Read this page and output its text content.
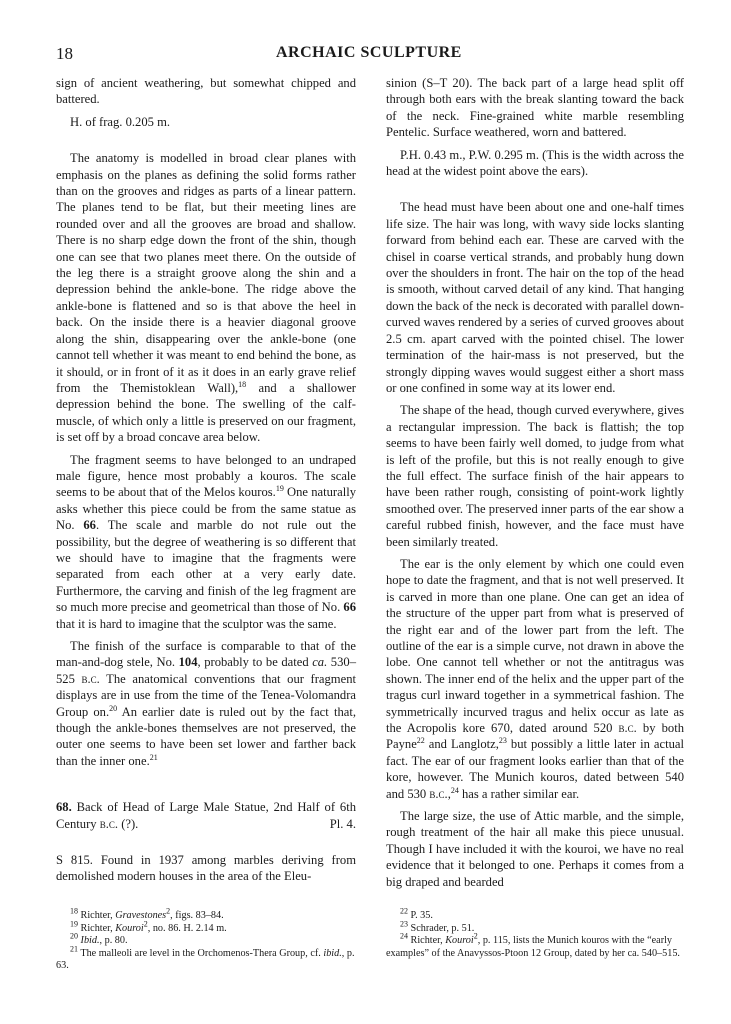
18	ARCHAIC SCULPTURE

sign of ancient weathering, but somewhat chipped and battered.

H. of frag. 0.205 m.

The anatomy is modelled in broad clear planes with emphasis on the planes as defining the solid forms rather than on the grooves and ridges as parts of a linear pattern. The planes tend to be flat, but their meeting lines are rounded over and all the grooves are broad and shallow. There is no sharp edge down the front of the shin, though one can see that two planes meet there. On the outside of the leg there is a straight groove along the shin and a depression behind the ankle-bone. The ridge above the ankle-bone is flattened and so is that above the heel in back. On the inside there is a heavier diagonal groove along the shin, disappearing over the ankle-bone (one cannot tell whether it was meant to end behind the bone, as it should, or in front of it as it does in an early grave relief from the Themistoklean Wall),$^{18}$ and a shallower depression behind the bone. The swelling of the calf-muscle, of which only a little is preserved on our fragment, is set off by a broad concave area below.

The fragment seems to have belonged to an undraped male figure, hence most probably a kouros. The scale seems to be about that of the Melos kouros.$^{19}$ One naturally asks whether this piece could be from the same statue as No. 66. The scale and marble do not rule out the possibility, but the degree of weathering is so different that we should have to imagine that the fragments were separated from each other at a very early date. Furthermore, the carving and finish of the leg fragment are so much more precise and geometrical than those of No. 66 that it is hard to imagine that the sculptor was the same.

The finish of the surface is comparable to that of the man-and-dog stele, No. 104, probably to be dated ca. 530–525 b.c. The anatomical conventions that our fragment displays are in use from the time of the Tenea-Volomandra Group on.$^{20}$ An earlier date is ruled out by the fact that, though the ankle-bones themselves are not preserved, the outer one seems to have been set lower and farther back than the inner one.$^{21}$

68. Back of Head of Large Male Statue, 2nd Half of 6th Century b.c. (?).	Pl. 4.

S 815. Found in 1937 among marbles deriving from demolished modern houses in the area of the Eleu-

sinion (S–T 20). The back part of a large head split off through both ears with the break slanting toward the back of the neck. Fine-grained white marble resembling Pentelic. Surface weathered, worn and battered.

P.H. 0.43 m., P.W. 0.295 m. (This is the width across the head at the widest point above the ears).

The head must have been about one and one-half times life size. The hair was long, with wavy side locks slanting forward from behind each ear. These are carved with the chisel in coarse vertical strands, and probably hung down over the shoulders in front. The hair on the top of the head is smooth, without carved detail of any kind. That hanging down the back of the neck is decorated with parallel down-curved waves rendered by a series of curved grooves about 2.5 cm. apart carved with the pointed chisel. The lower termination of the hair-mass is not preserved, but the strongly dipping waves would suggest either a short mass or one confined in some way at its lower end.

The shape of the head, though curved everywhere, gives a rectangular impression. The back is flattish; the top seems to have been fairly well domed, to judge from what is left of the profile, but this is not really enough to give the full effect. The surface finish of the hair appears to have been rather rough, consisting of point-work lightly smoothed over. The preserved inner parts of the ear show a careful rubbed finish, however, and the face must have been similarly treated.

The ear is the only element by which one could even hope to date the fragment, and that is not well preserved. It is carved in more than one plane. One can get an idea of the structure of the upper part from what is preserved of the right ear and of the lower part from the left. The outline of the ear is a simple curve, not drawn in above the lobe. One cannot tell whether or not the antitragus was shown. The inner end of the helix and the upper part of the tragus curl inward together in a symmetrical fashion. The symmetrically incurved tragus and helix occur as late as the Acropolis kore 670, dated around 520 b.c. by both Payne$^{22}$ and Langlotz,$^{23}$ but possibly a little later in actual fact. The ear of our fragment looks earlier than that of the kore, however. The Munich kouros, dated between 540 and 530 b.c.,$^{24}$ has a rather similar ear.

The large size, the use of Attic marble, and the simple, rough treatment of the hair all make this piece unusual. Though I have included it with the kouroi, we have no real evidence that it belonged to one. Perhaps it comes from a big draped and bearded

$^{18}$ Richter, Gravestones$^2$, figs. 83–84.
$^{19}$ Richter, Kouroi$^2$, no. 86. H. 2.14 m.
$^{20}$ Ibid., p. 80.
$^{21}$ The malleoli are level in the Orchomenos-Thera Group, cf. ibid., p. 63.
$^{22}$ P. 35.
$^{23}$ Schrader, p. 51.
$^{24}$ Richter, Kouroi$^2$, p. 115, lists the Munich kouros with the “early examples” of the Anavyssos-Ptoon 12 Group, dated by her ca. 540–515.
